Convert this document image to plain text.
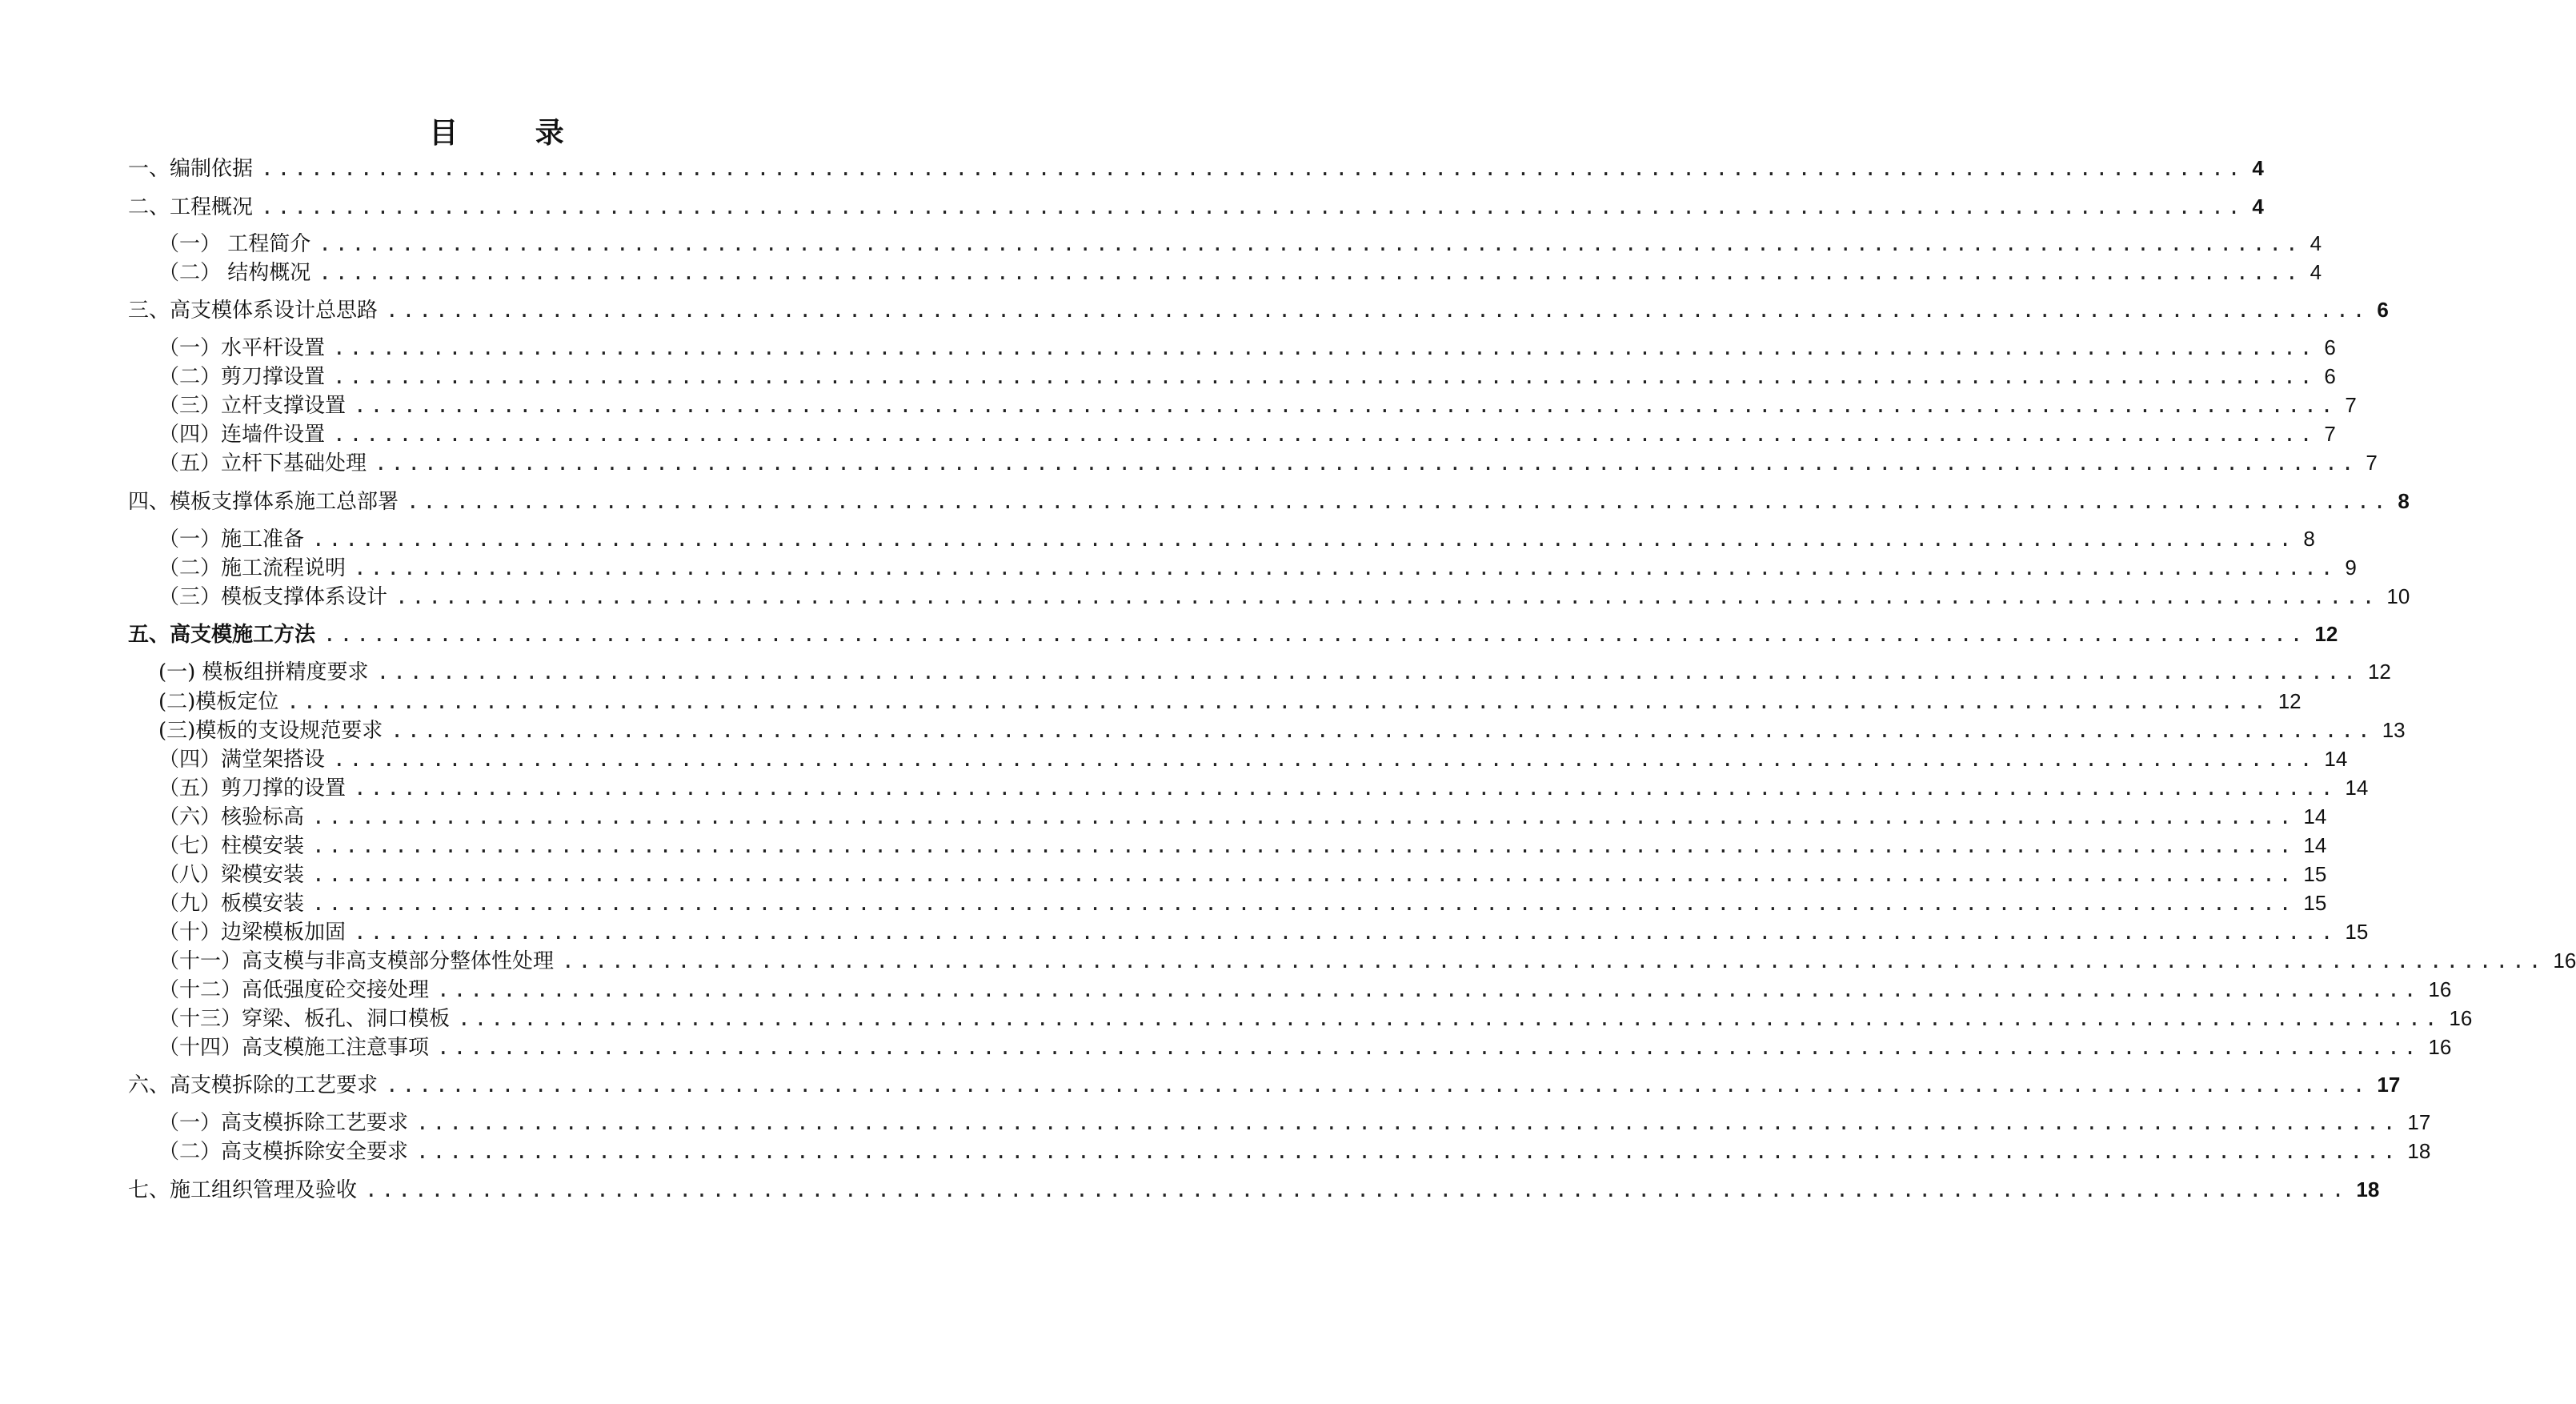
目 录
一、编制依据 ........................................................................................................................ 4
二、工程概况 ........................................................................................................................ 4
（一） 工程简介 ........................................................................................................................ 4
（二） 结构概况 ........................................................................................................................ 4
三、高支模体系设计总思路 ........................................................................................................................ 6
（一）水平杆设置 ........................................................................................................................ 6
（二）剪刀撑设置 ........................................................................................................................ 6
（三）立杆支撑设置 ........................................................................................................................ 7
（四）连墙件设置 ........................................................................................................................ 7
（五）立杆下基础处理 ........................................................................................................................ 7
四、模板支撑体系施工总部署 ........................................................................................................................ 8
（一）施工准备 ........................................................................................................................ 8
（二）施工流程说明 ........................................................................................................................ 9
（三）模板支撑体系设计 ........................................................................................................................ 10
五、高支模施工方法 ........................................................................................................................ 12
(一) 模板组拼精度要求 ........................................................................................................................ 12
(二)模板定位 ........................................................................................................................ 12
(三)模板的支设规范要求 ........................................................................................................................ 13
（四）满堂架搭设 ........................................................................................................................ 14
（五）剪刀撑的设置 ........................................................................................................................ 14
（六）核验标高 ........................................................................................................................ 14
（七）柱模安装 ........................................................................................................................ 14
（八）梁模安装 ........................................................................................................................ 15
（九）板模安装 ........................................................................................................................ 15
（十）边梁模板加固 ........................................................................................................................ 15
（十一）高支模与非高支模部分整体性处理 ........................................................................................................................ 16
（十二）高低强度砼交接处理 ........................................................................................................................ 16
（十三）穿梁、板孔、洞口模板 ........................................................................................................................ 16
（十四）高支模施工注意事项 ........................................................................................................................ 16
六、高支模拆除的工艺要求 ........................................................................................................................ 17
（一）高支模拆除工艺要求 ........................................................................................................................ 17
（二）高支模拆除安全要求 ........................................................................................................................ 18
七、施工组织管理及验收 ........................................................................................................................ 18
